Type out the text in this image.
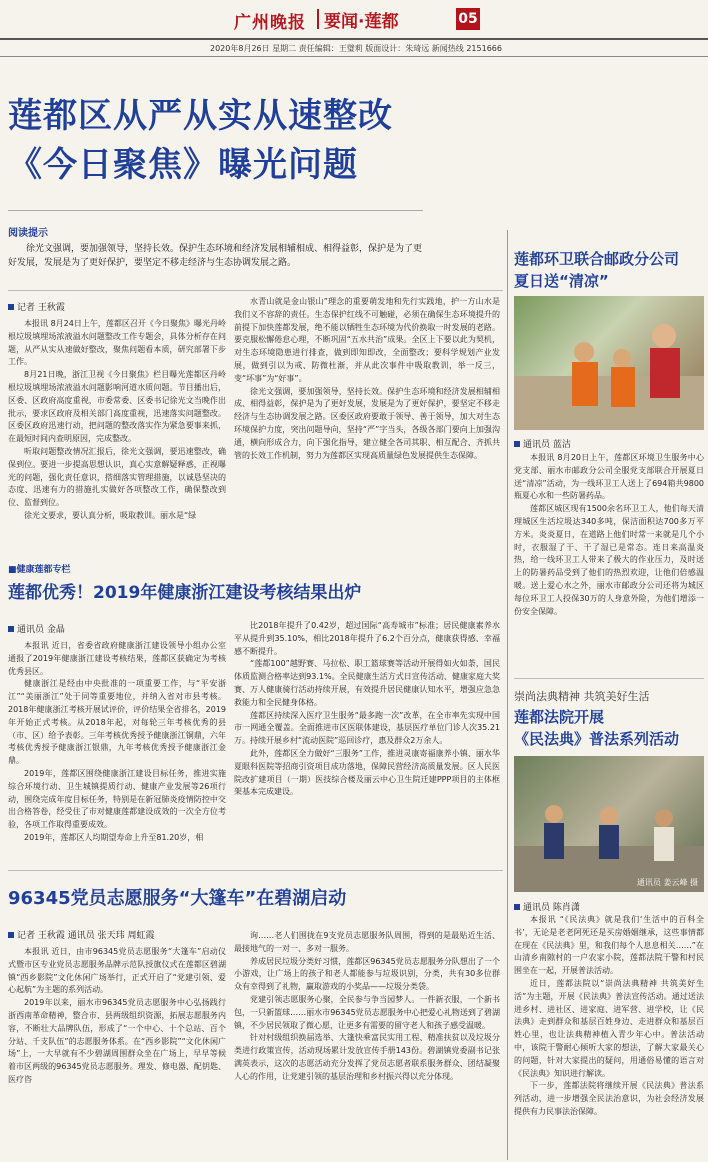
广州晚报 要闻·莲都	05
2020年8月26日 星期二 责任编辑：王璧莉 版面设计：朱琦远 新闻热线 2151666
莲都区从严从实从速整改
《今日聚焦》曝光问题
阅读提示
徐光文强调，要加强领导，坚持长效。保护生态环境和经济发展相辅相成、相得益彰，保护是为了更好发展，发展是为了更好保护，要坚定不移走经济与生态协调发展之路。
记者 王秋霞

本报讯 8月24日上午，莲都区召开《今日聚焦》曝光丹岭根垃圾填埋场浓液溢水问题整改工作专题会，具体分析存在问题，从严从实从速做好整改，聚焦问题看本质，研究部署下步工作。

8月21日晚，浙江卫视《今日聚焦》栏目曝光莲都区丹岭根垃圾填埋场浓液溢水问题影响河道水质问题。节目播出后，区委、区政府高度重视，市委常委、区委书记徐光文当晚作出批示，要求区政府及相关部门高度重视，迅速落实问题整改。区委区政府迅速行动，把问题的整改落实作为紧急要事来抓，在最短时间内查明原因，完成整改。

听取问题整改情况汇报后，徐光文强调，要迅速整改，确保到位。要进一步提高思想认识，真心实意解疑释惑，正视曝光的问题，强化责任意识，搭细落实管理措施，以诚恳坚决的态度、迅速有力的措施扎实做好各项整改工作，确保整改到位、监督到位。

徐光文要求，要认真分析，吸取教训。丽水是“绿

水青山就是金山银山”理念的重要萌发地和先行实践地，护一方山水是我们义不容辞的责任。生态保护红线不可触碰，必须在确保生态环境提升的前提下加快莲都发展，绝不能以牺牲生态环境为代价换取一时发展的老路。要克服松懈倦怠心理，不断巩固“五水共治”成果。全区上下要以此为契机，对生态环境隐患进行排查，做到即知即改，全面整改；要科学规划产业发展，做到引以为戒、防微杜渐，并从此次事件中吸取教训，举一反三，变“坏事”为“好事”。

徐光文强调，要加强领导，坚持长效。保护生态环境和经济发展相辅相成、相得益彰，保护是为了更好发展，发展是为了更好保护，要坚定不移走经济与生态协调发展之路。区委区政府要敢于领导、善于领导，加大对生态环境保护力度，突出问题导向，坚持“严”字当头，各级各部门要向上加强沟通，横向形成合力，向下强化指导，建立健全各司其职、相互配合、齐抓共管的长效工作机制，努力为莲都区实现高质量绿色发展提供生态保障。

■健康莲都专栏
莲都优秀！2019年健康浙江建设考核结果出炉
通讯员 金晶

本报讯 近日，省委省政府健康浙江建设领导小组办公室通报了2019年健康浙江建设考核结果，莲都区获确定为考核优秀县区。

健康浙江是经由中央批准的一项重要工作，与“平安浙江”“美丽浙江”处于同等重要地位，并纳入省对市县考核。2018年健康浙江考核开展试评价，评价结果全省排名，2019年开始正式考核。从2018年起，对每轮三年考核优秀的县（市、区）给予表彰。三年考核优秀授予健康浙江铜鼎，六年考核优秀授予健康浙江银鼎，九年考核优秀授予健康浙江金鼎。

2019年，莲都区围绕健康浙江建设目标任务，推进实施综合环境行动、卫生城镇提质行动、健康产业发展等26项行动，围绕完成年度目标任务，特别是在新冠肺炎疫情防控中交出合格答卷，经受住了市对健康莲都建设成效的一次全方位考验，各项工作取得重要成效。

2019年，莲都区人均期望寿命上升至81.20岁，相

比2018年提升了0.42岁，超过国际“高寿城市”标准；居民健康素养水平从提升到35.10%，相比2018年提升了6.2个百分点，健康获得感、幸福感不断提升。

“莲都100”越野赛、马拉松、职工篮球赛等活动开展得如火如荼，国民体质监测合格率达到93.1%。全民健康生活方式日宣传活动、健康家庭大奖赛、万人健康骑行活动持续开展，有效提升居民健康认知水平，增强应急急救能力和全民健身体格。

莲都区持续深入医疗卫生服务“最多跑一次”改革，在全市率先实现中国市一网通全覆盖。全面推进市区医联体建设，基层医疗单位门诊人次35.21万。持续开展乡村“流动医院”巡回诊疗，惠及群众2万余人。

此外，莲都区全力做好“三服务”工作，推进灵康寄福康养小镇、丽水华夏眼科医院等招商引资项目成功落地，保障民营经济高质量发展。区人民医院改扩建项目（一期）医技综合楼及丽云中心卫生院迁建PPP项目的主体框架基本完成建设。

96345党员志愿服务“大篷车”在碧湖启动
记者 王秋霞 通讯员 张天玮 周虹霞

本报讯 近日，由市96345党员志愿服务“大篷车”启动仪式暨市区专业党员志愿服务品牌示范队授旗仪式在莲都区碧湖镇“西乡影院”文化休闲广场举行，正式开启了“党建引领、爱心起航”为主题的系列活动。

2019年以来，丽水市96345党员志愿服务中心弘扬践行浙西南革命精神，整合市、县两级组织资源，拓展志愿服务内容，不断壮大品牌队伍，形成了“一个中心、十个总站、百个分站、千支队伍”的志愿服务体系。在“西乡影院”“文化休闲广场”上，一大早就有不少碧湖周围群众坐在广场上，早早等候着市区两级的96345党员志愿服务。理发、修电器、配钥匙、医疗咨

询……老人们围拢在9支党员志愿服务队周围，得到的是最贴近生活、最接地气的一对一、多对一服务。

养成居民垃圾分类好习惯，莲都区96345党员志愿服务分队想出了一个小游戏，让广场上的孩子和老人都能参与垃圾识别，分类，共有30多位群众有幸得到了礼物，赢取游戏的小奖品——垃圾分类袋。

党建引领志愿服务心聚，全民参与争当园梦人。一件新衣服，一个新书包，一只新篮球……丽水市96345党员志愿服务中心把爱心礼物送到了碧湖镇，不少居民领取了微心愿，让更多有需要的留守老人和孩子感受温暖。

针对村级组织换届选举、大篷快乘富民实用工程、精准扶贫以及垃圾分类进行政策宣传，活动现场累计发放宣传手册143份。碧湖镇党委副书记张满英表示，这次的志愿活动充分发挥了党员志愿者联系服务群众、团结凝聚人心的作用，让党建引领的基层治理和乡村振兴得以充分体现。

莲都环卫联合邮政分公司
夏日送“清凉”
通讯员 蓝洁

本报讯 8月20日上午，莲都区环境卫生服务中心党支部、丽水市邮政分公司全服党支部联合开展夏日送“清凉”活动，为一线环卫工人送上了694箱共9800瓶夏心水和一些防暑药品。

莲都区城区现有1500余名环卫工人，他们每天清理城区生活垃圾达340多吨，保洁面积达700多万平方米。炎炎夏日，在道路上他们时常一来就是几个小时，衣服湿了干、干了湿已是常态。连日来高温炎热，给一线环卫工人带来了极大的作业压力，及时送上的防暑药品受到了他们的热烈欢迎，让他们倍感温暖。送上爱心水之外，丽水市邮政分公司还将为城区每位环卫工人投保30万的人身意外险，为他们增添一份安全保障。

崇尚法典精神 共筑美好生活
莲都法院开展
《民法典》普法系列活动
通讯员 姜云峰 摄
通讯员 陈肖潇

本报讯 “《民法典》就是我们‘生活中的百科全书’，无论是老老阿死还是买房婚姻继承，这些事情都在现在《民法典》里，和我们每个人息息相关……”在山清乡南隙村的一户农家小院，莲都法院干警和村民围坐在一起，开展普法活动。

近日，莲都法院以“崇尚法典精神 共筑美好生活”为主题，开展《民法典》普法宣传活动。通过送法进乡村、进社区、进家庭、进军营、进学校，让《民法典》走到群众和基层百姓身边、走进群众和基层百姓心里，也让法典精神植入青少年心中。普法活动中，该院干警耐心倾听大家的想法，了解大家最关心的问题，针对大家提出的疑问，用通俗易懂的语言对《民法典》知识进行解读。

下一步，莲都法院将继续开展《民法典》普法系列活动，进一步增强全民法治意识，为社会经济发展提供有力民事法治保障。
